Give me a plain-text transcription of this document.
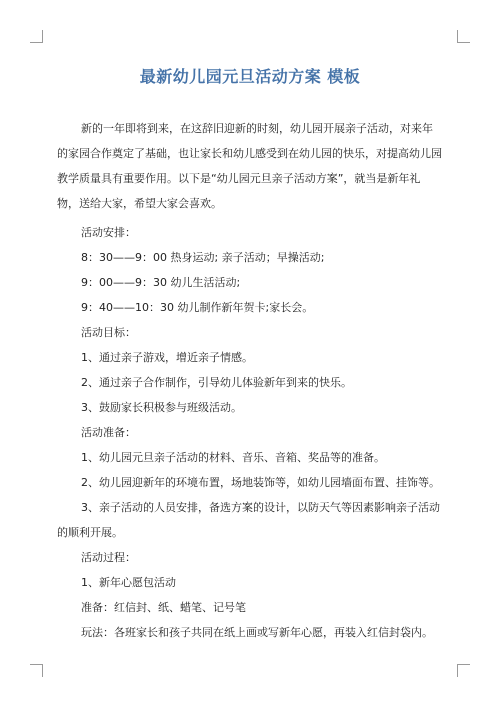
最新幼儿园元旦活动方案 模板

新的一年即将到来，在这辞旧迎新的时刻，幼儿园开展亲子活动，对来年的家园合作奠定了基础，也让家长和幼儿感受到在幼儿园的快乐，对提高幼儿园教学质量具有重要作用。以下是“幼儿园元旦亲子活动方案”，就当是新年礼物，送给大家，希望大家会喜欢。

活动安排：

8：30——9：00 热身运动; 亲子活动；早操活动;

9：00——9：30 幼儿生活活动;

9：40——10：30 幼儿制作新年贺卡;家长会。

活动目标：

1、通过亲子游戏，增近亲子情感。

2、通过亲子合作制作，引导幼儿体验新年到来的快乐。

3、鼓励家长积极参与班级活动。

活动准备：

1、幼儿园元旦亲子活动的材料、音乐、音箱、奖品等的准备。

2、幼儿园迎新年的环境布置，场地装饰等，如幼儿园墙面布置、挂饰等。

3、亲子活动的人员安排，备选方案的设计，以防天气等因素影响亲子活动的顺利开展。

活动过程：

1、新年心愿包活动

准备：红信封、纸、蜡笔、记号笔

玩法：各班家长和孩子共同在纸上画或写新年心愿，再装入红信封袋内。
